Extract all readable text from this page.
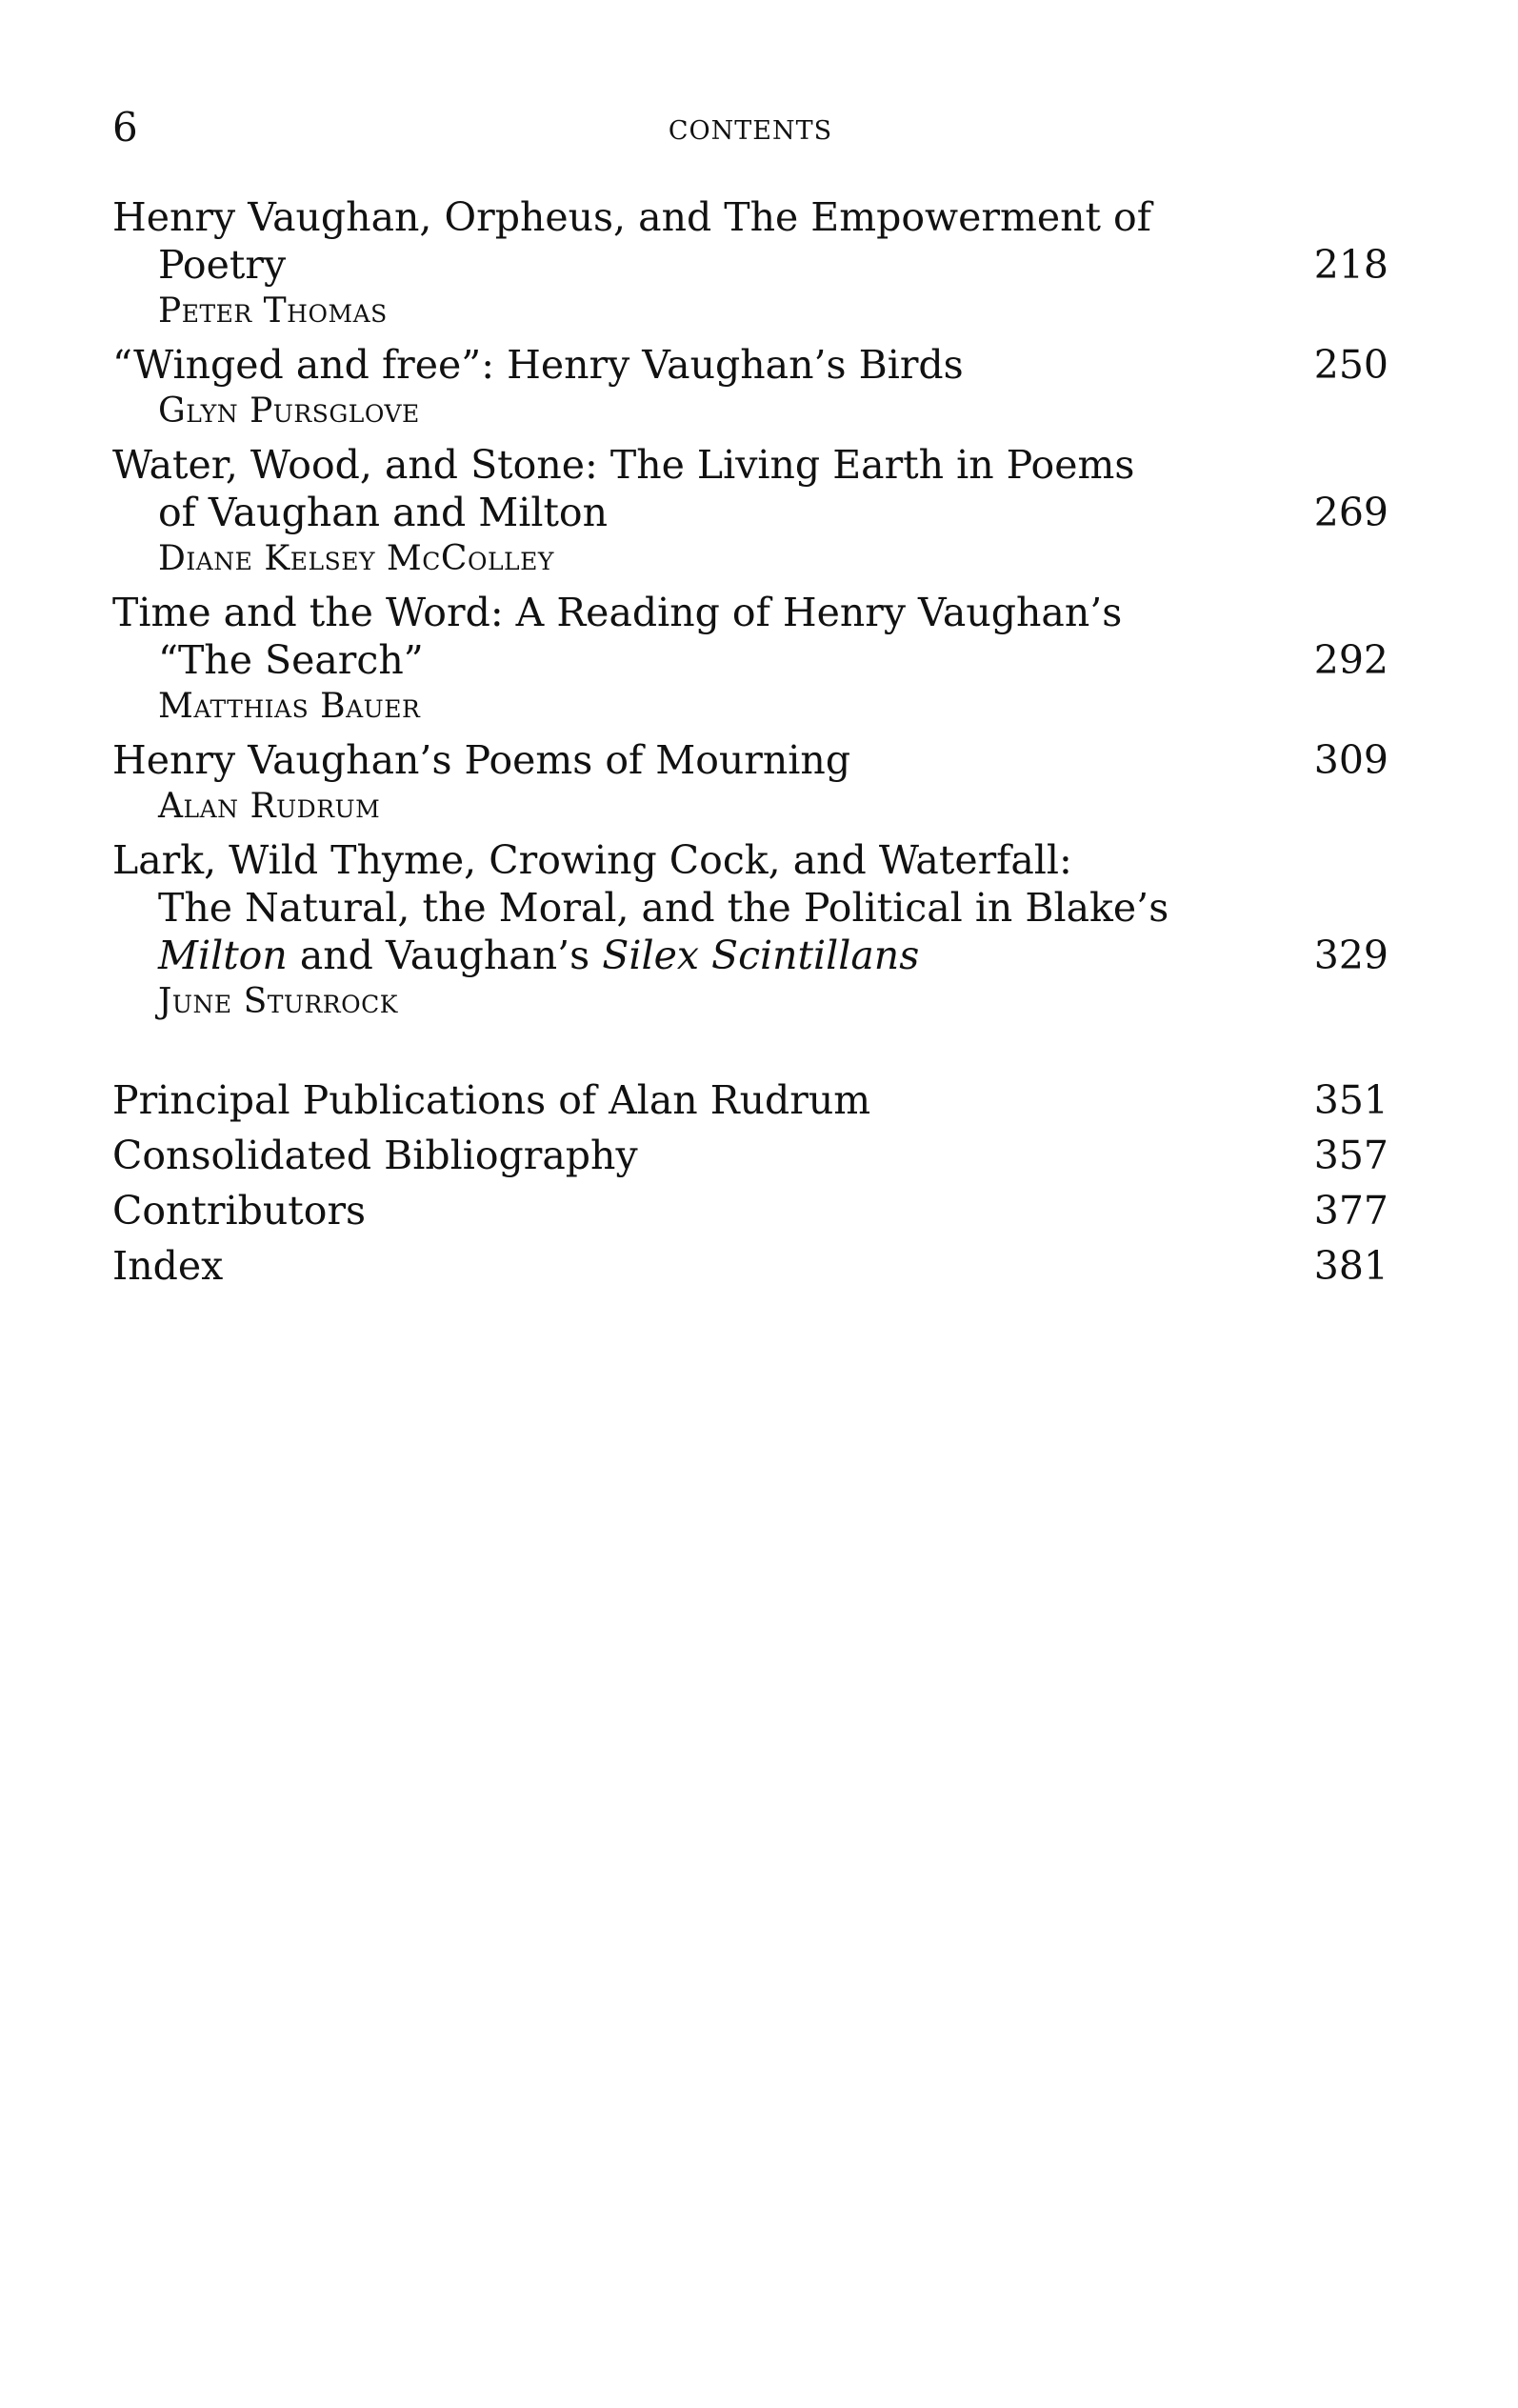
6	CONTENTS
Henry Vaughan, Orpheus, and The Empowerment of
Poetry	218
Peter Thomas
“Winged and free”: Henry Vaughan’s Birds	250
Glyn Pursglove
Water, Wood, and Stone: The Living Earth in Poems
of Vaughan and Milton	269
Diane Kelsey McColley
Time and the Word: A Reading of Henry Vaughan’s
“The Search”	292
Matthias Bauer
Henry Vaughan’s Poems of Mourning	309
Alan Rudrum
Lark, Wild Thyme, Crowing Cock, and Waterfall:
The Natural, the Moral, and the Political in Blake’s
Milton and Vaughan’s Silex Scintillans	329
June Sturrock
Principal Publications of Alan Rudrum	351
Consolidated Bibliography	357
Contributors	377
Index	381
